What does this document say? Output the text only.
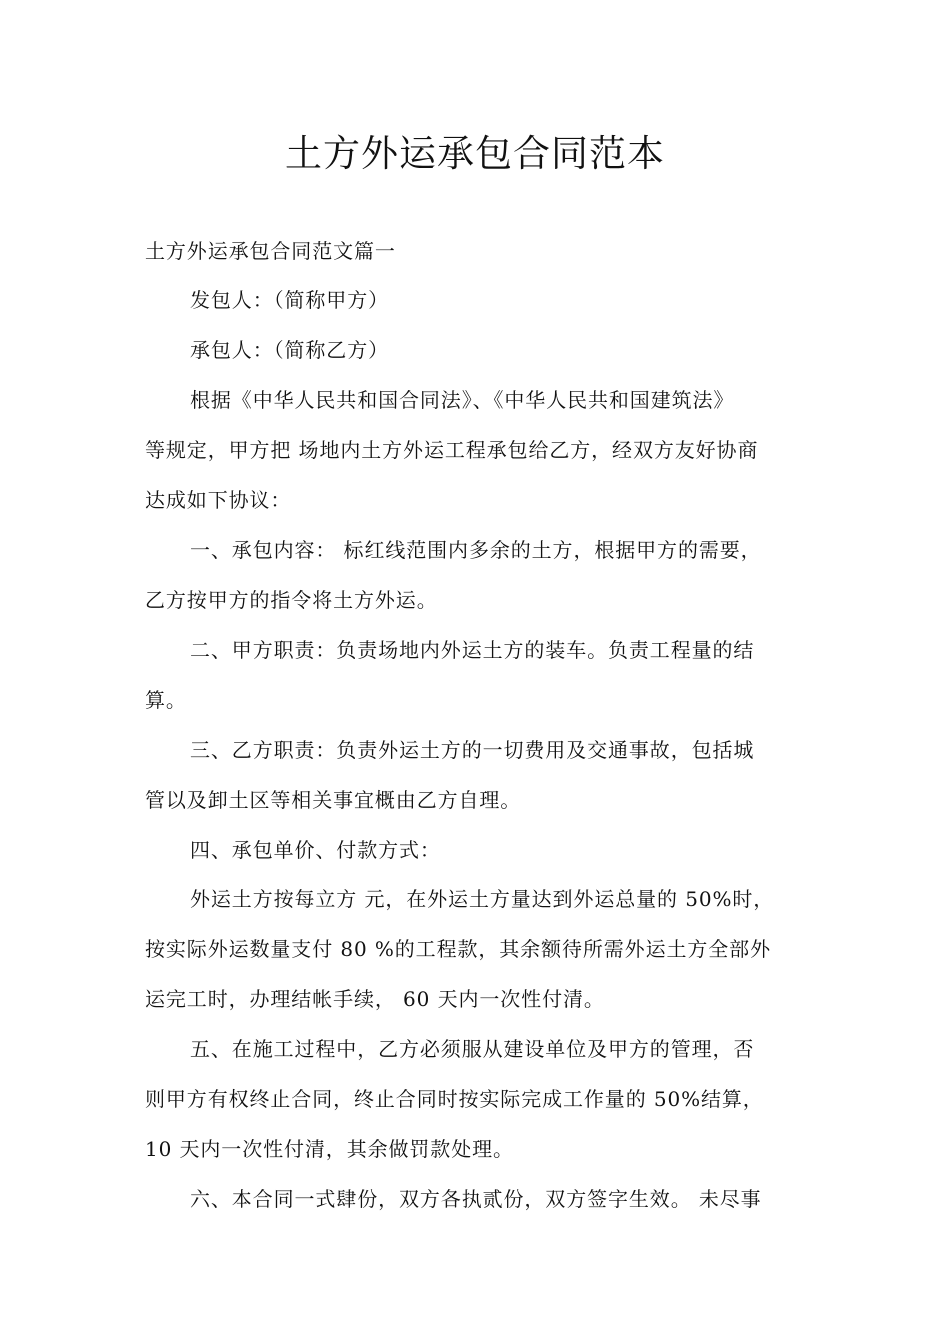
土方外运承包合同范本
土方外运承包合同范文篇一
发包人：（简称甲方）
承包人：（简称乙方）
根据《中华人民共和国合同法》、《中华人民共和国建筑法》
等规定，甲方把 场地内土方外运工程承包给乙方，经双方友好协商
达成如下协议：
一、承包内容： 标红线范围内多余的土方，根据甲方的需要，
乙方按甲方的指令将土方外运。
二、甲方职责：负责场地内外运土方的装车。负责工程量的结
算。
三、乙方职责：负责外运土方的一切费用及交通事故，包括城
管以及卸土区等相关事宜概由乙方自理。
四、承包单价、付款方式：
外运土方按每立方 元，在外运土方量达到外运总量的 50%时，
按实际外运数量支付 80 %的工程款，其余额待所需外运土方全部外
运完工时，办理结帐手续， 60 天内一次性付清。
五、在施工过程中，乙方必须服从建设单位及甲方的管理，否
则甲方有权终止合同，终止合同时按实际完成工作量的 50%结算，
10 天内一次性付清，其余做罚款处理。
六、本合同一式肆份，双方各执贰份，双方签字生效。 未尽事
